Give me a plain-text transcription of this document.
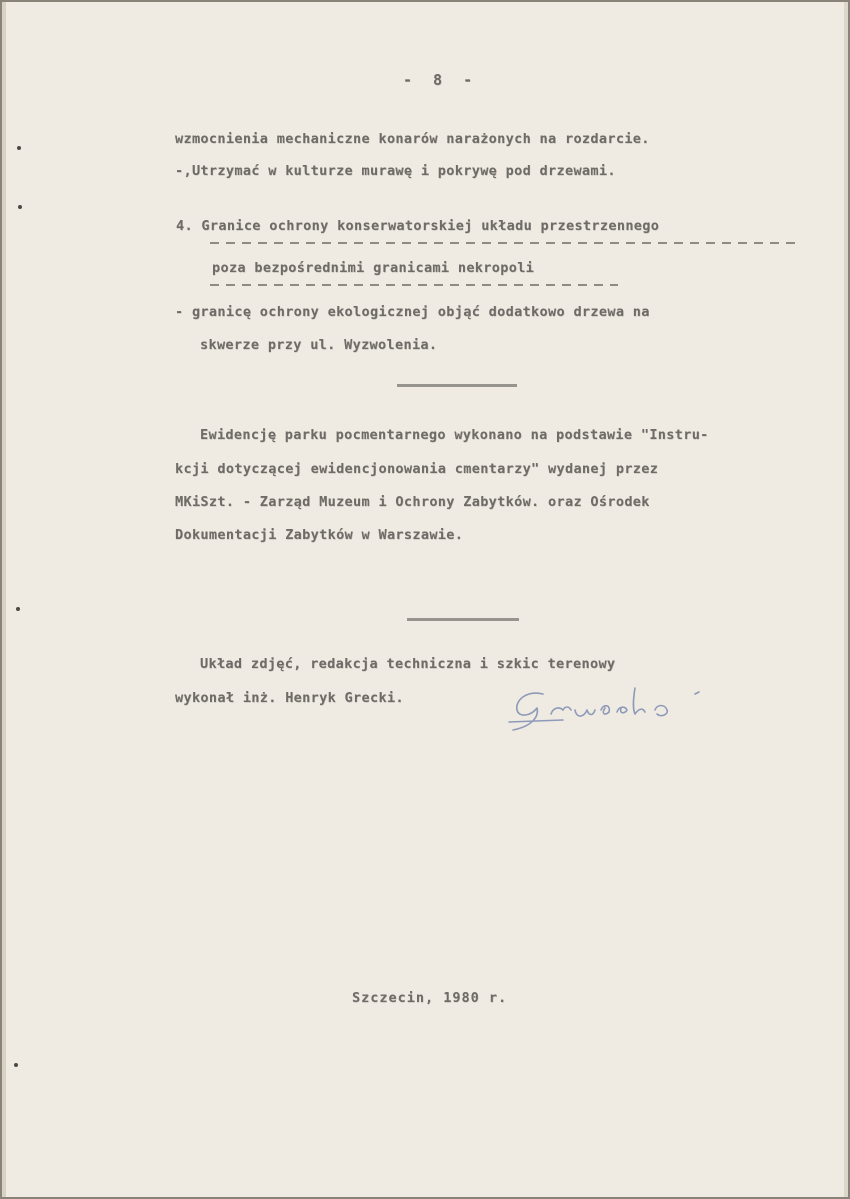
- 8 -
wzmocnienia mechaniczne konarów narażonych na rozdarcie.
-,Utrzymać w kulturze murawę i pokrywę pod drzewami.
4. Granice ochrony konserwatorskiej układu przestrzennego
poza bezpośrednimi granicami nekropoli
- granicę ochrony ekologicznej objąć dodatkowo drzewa na
skwerze przy ul. Wyzwolenia.
Ewidencję parku pocmentarnego wykonano na podstawie "Instru-
kcji dotyczącej ewidencjonowania cmentarzy" wydanej przez
MKiSzt. - Zarząd Muzeum i Ochrony Zabytków. oraz Ośrodek
Dokumentacji Zabytków w Warszawie.
Układ zdjęć, redakcja techniczna i szkic terenowy
wykonał inż. Henryk Grecki.
Szczecin, 1980 r.
